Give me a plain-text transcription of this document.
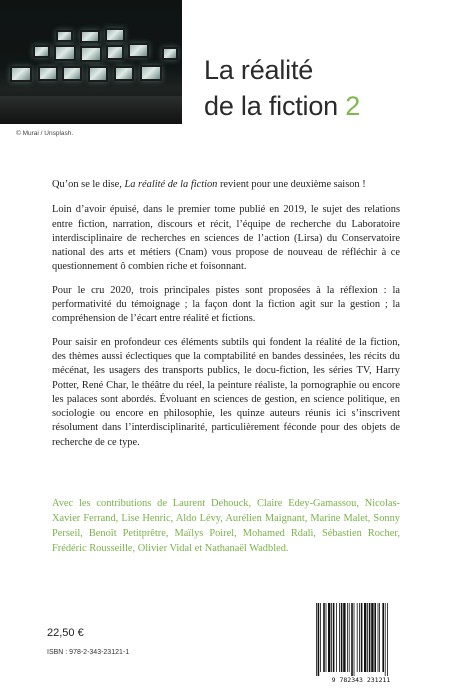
© Murai / Unsplash.
La réalité
de la fiction 2

Qu’on se le dise, La réalité de la fiction revient pour une deuxième saison !

Loin d’avoir épuisé, dans le premier tome publié en 2019, le sujet des relations entre fiction, narration, discours et récit, l’équipe de recherche du Laboratoire interdisciplinaire de recherches en sciences de l’action (Lirsa) du Conservatoire national des arts et métiers (Cnam) vous propose de nouveau de réfléchir à ce questionnement ô combien riche et foisonnant.

Pour le cru 2020, trois principales pistes sont proposées à la réflexion : la performativité du témoignage ; la façon dont la fiction agit sur la gestion ; la compréhension de l’écart entre réalité et fictions.

Pour saisir en profondeur ces éléments subtils qui fondent la réalité de la fiction, des thèmes aussi éclectiques que la comptabilité en bandes dessinées, les récits du mécénat, les usagers des transports publics, le docu-fiction, les séries TV, Harry Potter, René Char, le théâtre du réel, la peinture réaliste, la pornographie ou encore les palaces sont abordés. Évoluant en sciences de gestion, en science politique, en sociologie ou encore en philosophie, les quinze auteurs réunis ici s’inscrivent résolument dans l’interdisciplinarité, particulièrement féconde pour des objets de recherche de ce type.

Avec les contributions de Laurent Dehouck, Claire Edey-Gamassou, Nicolas-Xavier Ferrand, Lise Henric, Aldo Lévy, Aurélien Maignant, Marine Malet, Sonny Perseil, Benoît Petitprêtre, Maïlys Poirel, Mohamed Rdali, Sébastien Rocher, Frédéric Rousseille, Olivier Vidal et Nathanaël Wadbled.

22,50 €
ISBN : 978-2-343-23121-1
9 782343 231211
